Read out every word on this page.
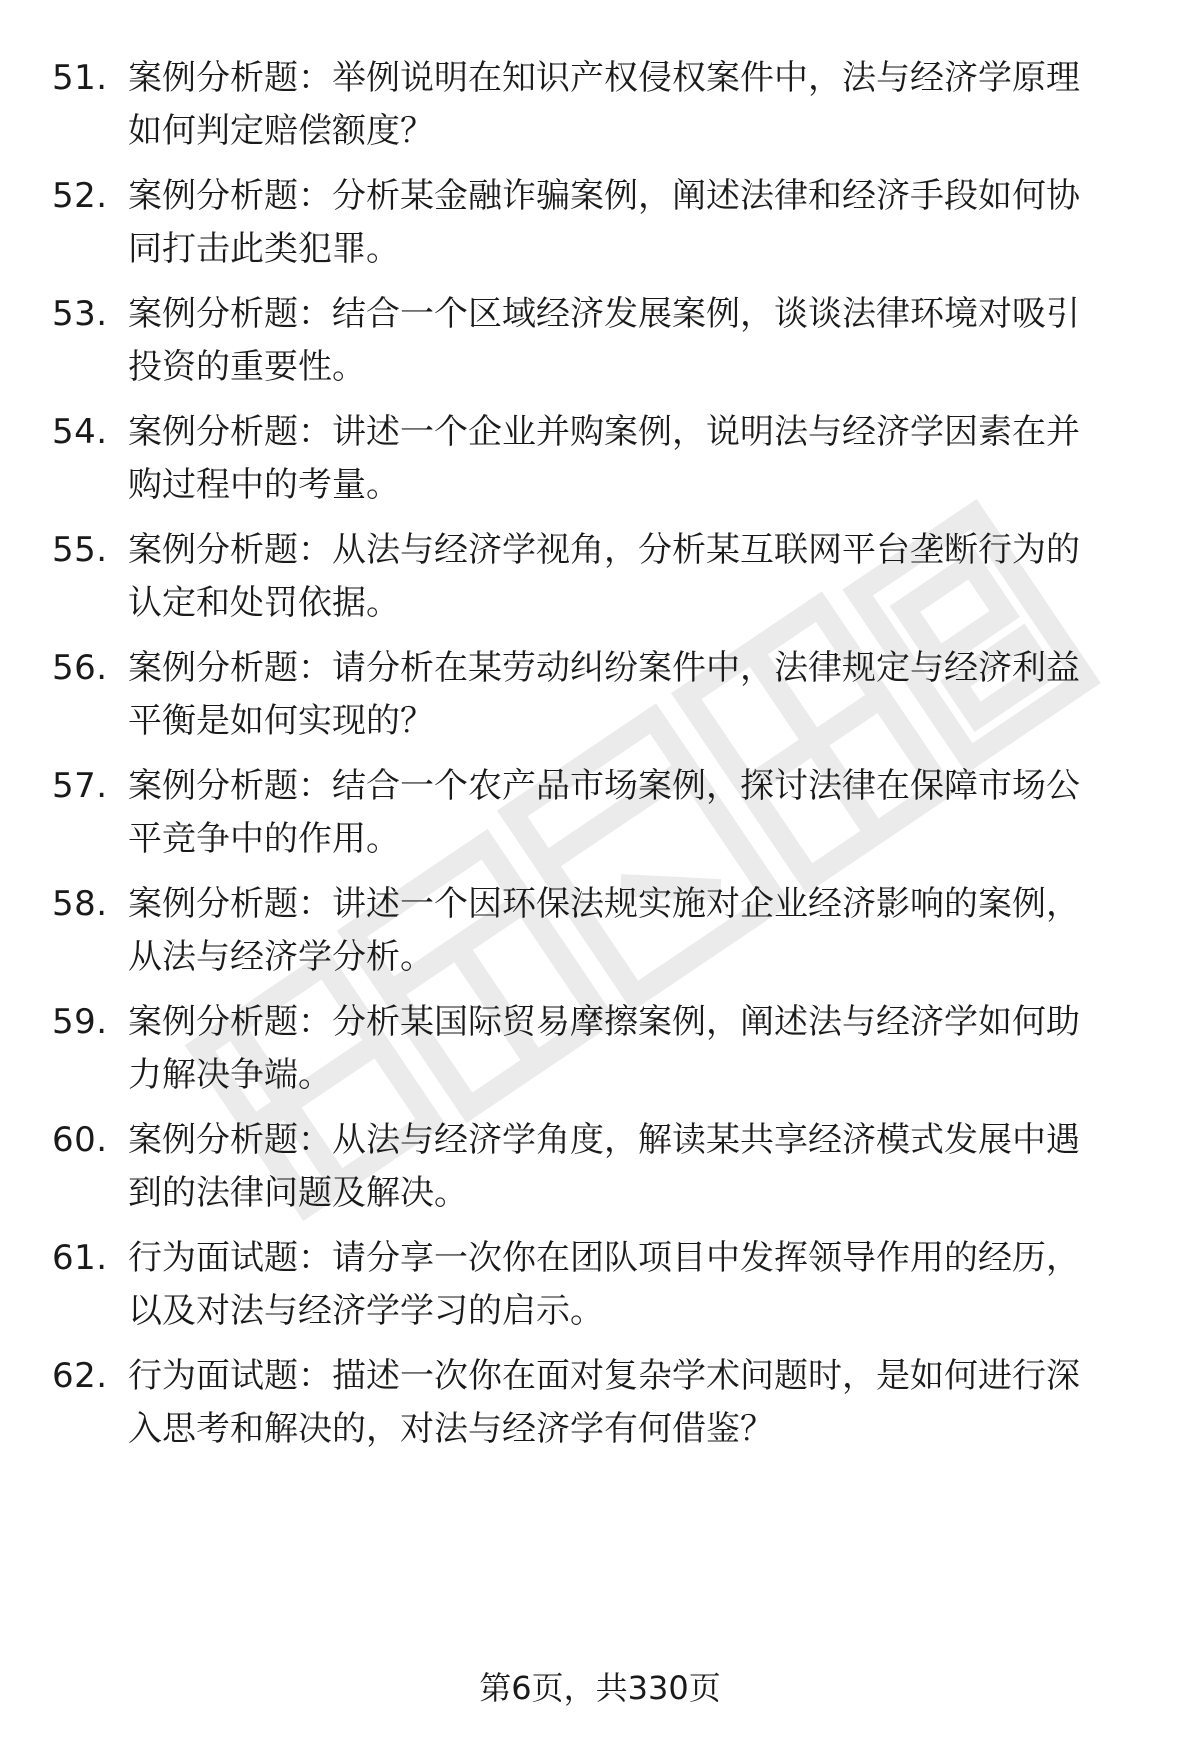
51. 案例分析题：举例说明在知识产权侵权案件中，法与经济学原理
如何判定赔偿额度？
52. 案例分析题：分析某金融诈骗案例，阐述法律和经济手段如何协
同打击此类犯罪。
53. 案例分析题：结合一个区域经济发展案例，谈谈法律环境对吸引
投资的重要性。
54. 案例分析题：讲述一个企业并购案例，说明法与经济学因素在并
购过程中的考量。
55. 案例分析题：从法与经济学视角，分析某互联网平台垄断行为的
认定和处罚依据。
56. 案例分析题：请分析在某劳动纠纷案件中，法律规定与经济利益
平衡是如何实现的？
57. 案例分析题：结合一个农产品市场案例，探讨法律在保障市场公
平竞争中的作用。
58. 案例分析题：讲述一个因环保法规实施对企业经济影响的案例，
从法与经济学分析。
59. 案例分析题：分析某国际贸易摩擦案例，阐述法与经济学如何助
力解决争端。
60. 案例分析题：从法与经济学角度，解读某共享经济模式发展中遇
到的法律问题及解决。
61. 行为面试题：请分享一次你在团队项目中发挥领导作用的经历，
以及对法与经济学学习的启示。
62. 行为面试题：描述一次你在面对复杂学术问题时，是如何进行深
入思考和解决的，对法与经济学有何借鉴？
第6页，共330页
